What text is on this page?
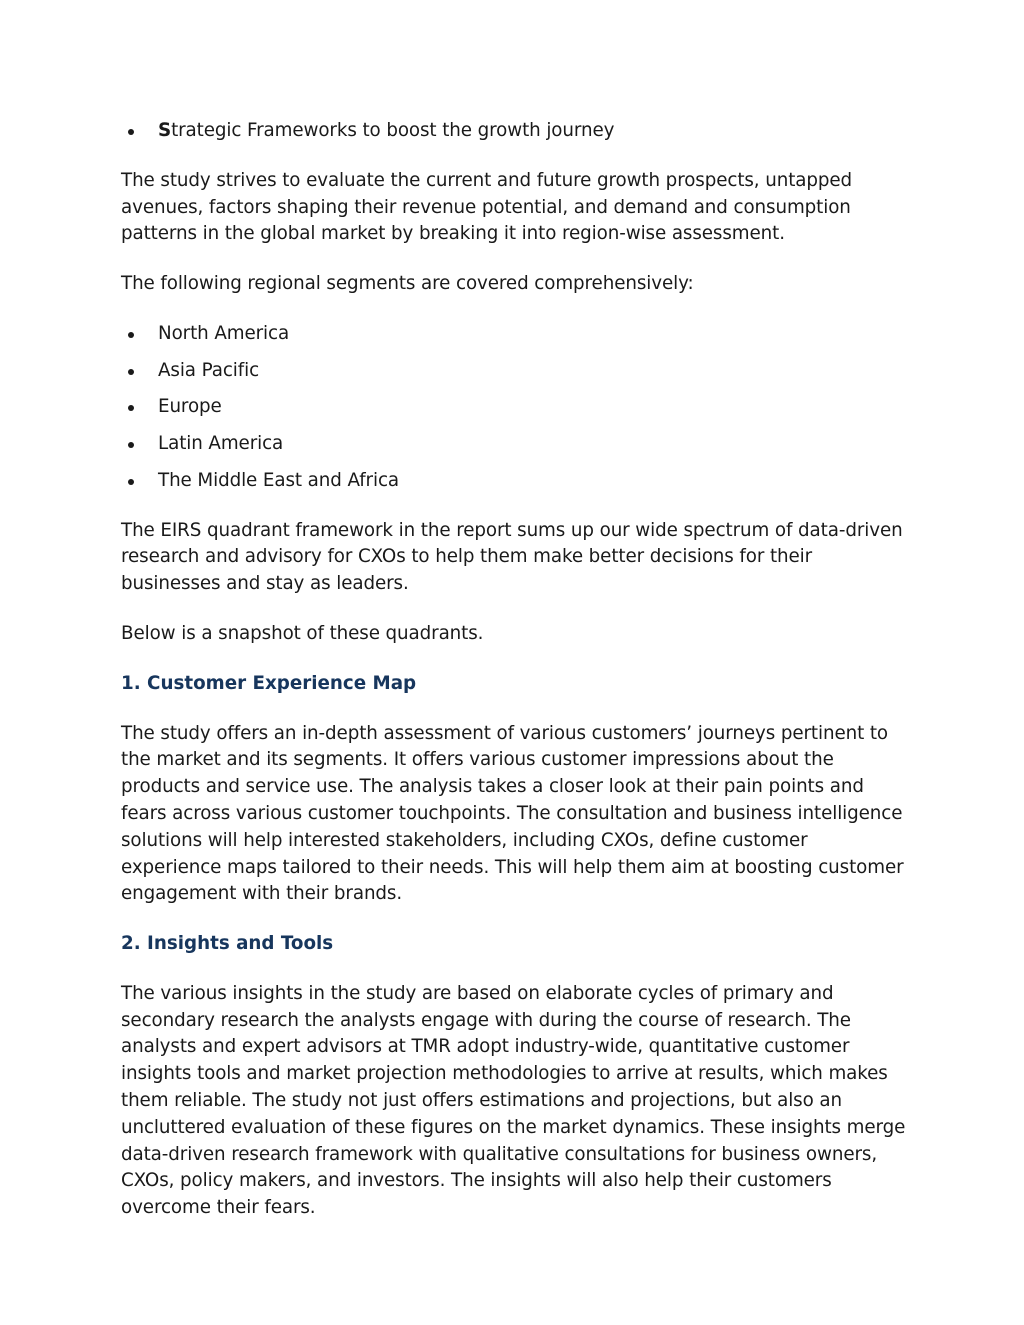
Strategic Frameworks to boost the growth journey

The study strives to evaluate the current and future growth prospects, untapped avenues, factors shaping their revenue potential, and demand and consumption patterns in the global market by breaking it into region-wise assessment.

The following regional segments are covered comprehensively:

North America
Asia Pacific
Europe
Latin America
The Middle East and Africa

The EIRS quadrant framework in the report sums up our wide spectrum of data-driven research and advisory for CXOs to help them make better decisions for their businesses and stay as leaders.

Below is a snapshot of these quadrants.

1. Customer Experience Map

The study offers an in-depth assessment of various customers’ journeys pertinent to the market and its segments. It offers various customer impressions about the products and service use. The analysis takes a closer look at their pain points and fears across various customer touchpoints. The consultation and business intelligence solutions will help interested stakeholders, including CXOs, define customer experience maps tailored to their needs. This will help them aim at boosting customer engagement with their brands.

2. Insights and Tools

The various insights in the study are based on elaborate cycles of primary and secondary research the analysts engage with during the course of research. The analysts and expert advisors at TMR adopt industry-wide, quantitative customer insights tools and market projection methodologies to arrive at results, which makes them reliable. The study not just offers estimations and projections, but also an uncluttered evaluation of these figures on the market dynamics. These insights merge data-driven research framework with qualitative consultations for business owners, CXOs, policy makers, and investors. The insights will also help their customers overcome their fears.
